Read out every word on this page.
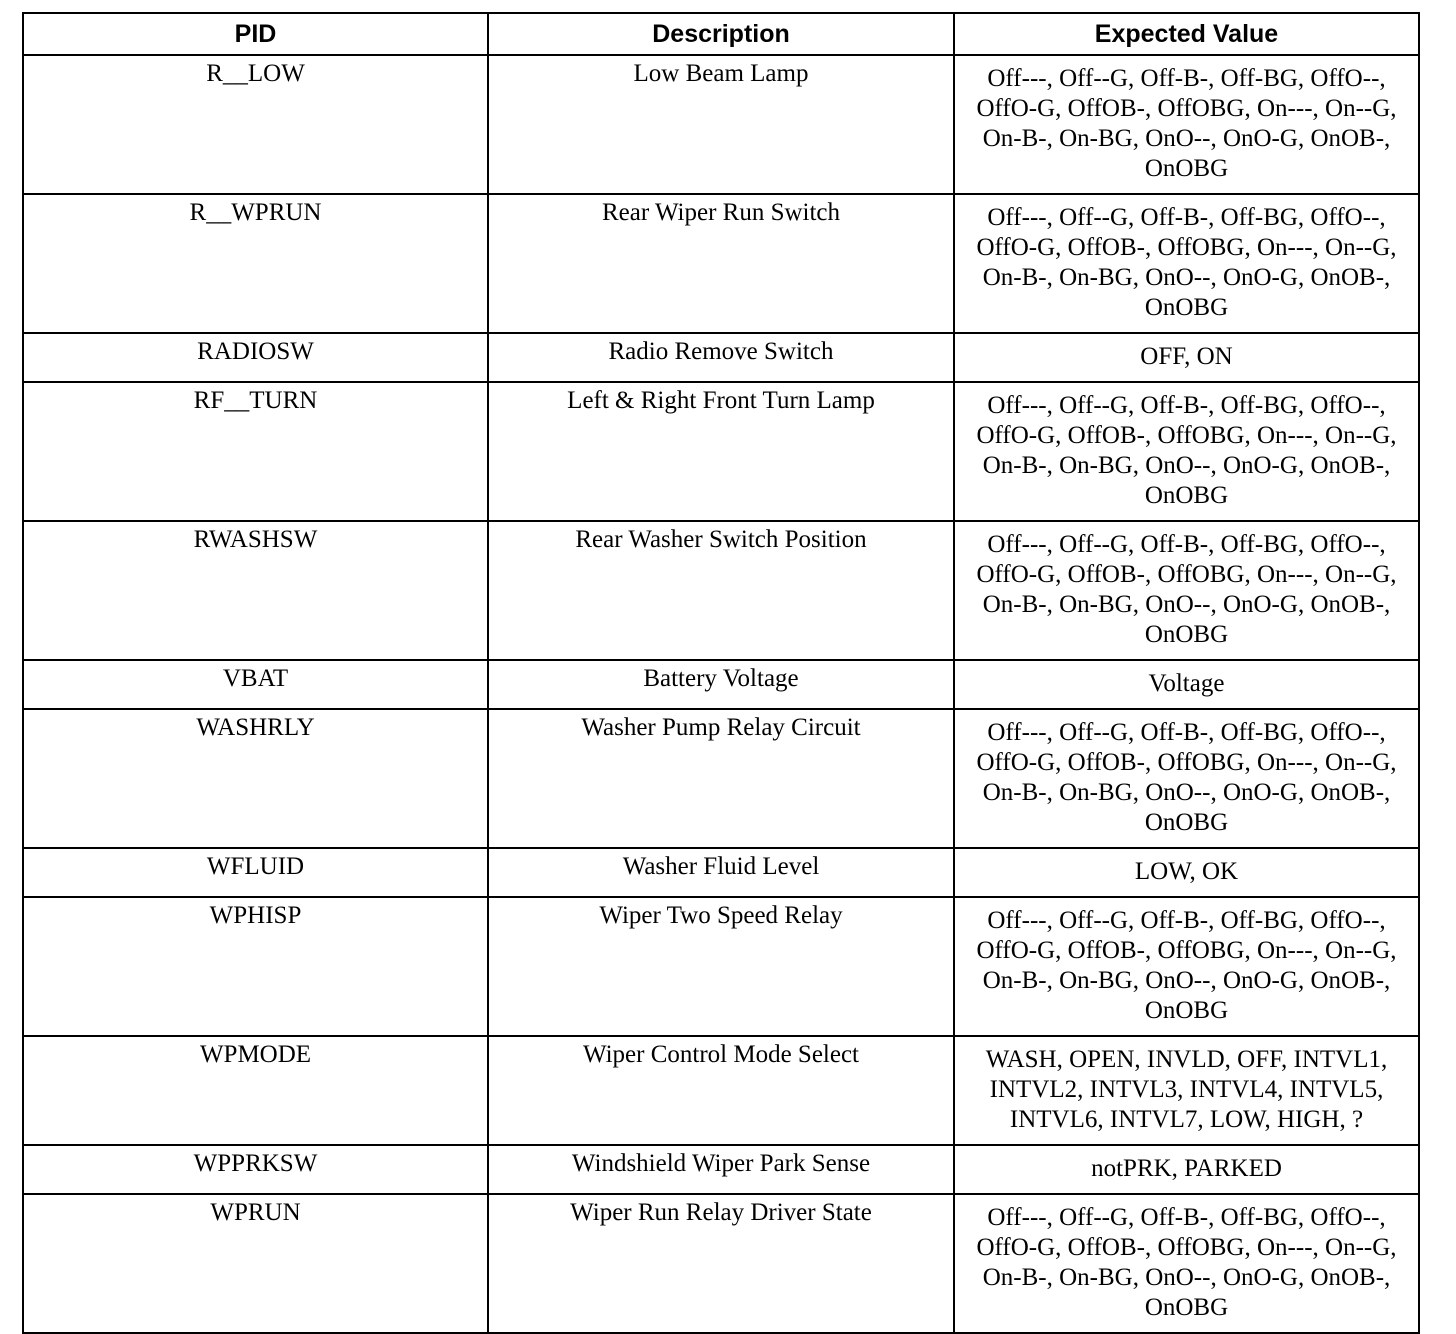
PID	Description	Expected Value
R__LOW	Low Beam Lamp	Off---, Off--G, Off-B-, Off-BG, OffO--, OffO-G, OffOB-, OffOBG, On---, On--G, On-B-, On-BG, OnO--, OnO-G, OnOB-, OnOBG
R__WPRUN	Rear Wiper Run Switch	Off---, Off--G, Off-B-, Off-BG, OffO--, OffO-G, OffOB-, OffOBG, On---, On--G, On-B-, On-BG, OnO--, OnO-G, OnOB-, OnOBG
RADIOSW	Radio Remove Switch	OFF, ON
RF__TURN	Left & Right Front Turn Lamp	Off---, Off--G, Off-B-, Off-BG, OffO--, OffO-G, OffOB-, OffOBG, On---, On--G, On-B-, On-BG, OnO--, OnO-G, OnOB-, OnOBG
RWASHSW	Rear Washer Switch Position	Off---, Off--G, Off-B-, Off-BG, OffO--, OffO-G, OffOB-, OffOBG, On---, On--G, On-B-, On-BG, OnO--, OnO-G, OnOB-, OnOBG
VBAT	Battery Voltage	Voltage
WASHRLY	Washer Pump Relay Circuit	Off---, Off--G, Off-B-, Off-BG, OffO--, OffO-G, OffOB-, OffOBG, On---, On--G, On-B-, On-BG, OnO--, OnO-G, OnOB-, OnOBG
WFLUID	Washer Fluid Level	LOW, OK
WPHISP	Wiper Two Speed Relay	Off---, Off--G, Off-B-, Off-BG, OffO--, OffO-G, OffOB-, OffOBG, On---, On--G, On-B-, On-BG, OnO--, OnO-G, OnOB-, OnOBG
WPMODE	Wiper Control Mode Select	WASH, OPEN, INVLD, OFF, INTVL1, INTVL2, INTVL3, INTVL4, INTVL5, INTVL6, INTVL7, LOW, HIGH, ?
WPPRKSW	Windshield Wiper Park Sense	notPRK, PARKED
WPRUN	Wiper Run Relay Driver State	Off---, Off--G, Off-B-, Off-BG, OffO--, OffO-G, OffOB-, OffOBG, On---, On--G, On-B-, On-BG, OnO--, OnO-G, OnOB-, OnOBG
